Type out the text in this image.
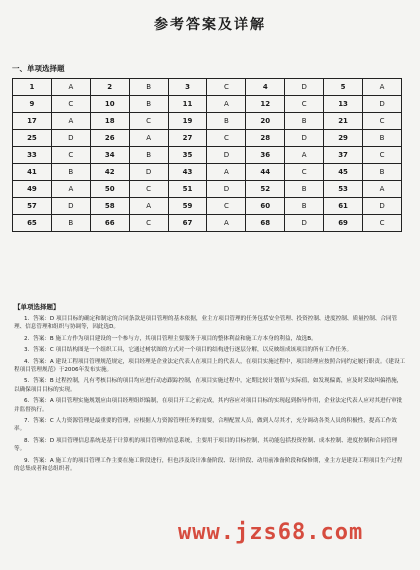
参考答案及详解
一、单项选择题
1	A	2	B	3	C	4	D	5	A
9	C	10	B	11	A	12	C	13	D
17	A	18	C	19	B	20	B	21	C
25	D	26	A	27	C	28	D	29	B
33	C	34	B	35	D	36	A	37	C
41	B	42	D	43	A	44	C	45	B
49	A	50	C	51	D	52	B	53	A
57	D	58	A	59	C	60	B	61	D
65	B	66	C	67	A	68	D	69	C
【单项选择题】

1．答案：D 项目目标的确定和制定的合同条款是项目管理的基本依据，业主方项目管理的任务包括安全管理、投资控制、进度控制、质量控制、合同管理、信息管理和组织与协调等，因此选D。

2．答案：B 施工方作为项目建设的一个参与方，其项目管理主要服务于项目的整体利益和施工方本身的利益，故选B。

3．答案：C 项目结构图是一个组织工具，它通过树状图的方式对一个项目的结构进行逐层分解，以反映组成该项目的所有工作任务。

4．答案：A 建设工程项目管理规范规定，项目经理是企业法定代表人在项目上的代表人，在项目实施过程中，项目经理应按照合同约定履行职责。《建设工程项目管理规范》于2006年发布实施。

5．答案：B 过程控制，凡有考核目标的项目均应进行动态跟踪控制，在项目实施过程中，定期比较计划值与实际值，如发现偏离，应及时采取纠偏措施，以确保项目目标的实现。

6．答案：A 项目管理实施规划应由项目经理组织编制，在项目开工之前完成，其内容应对项目目标的实现起到指导作用，企业法定代表人应对其进行审批并监督执行。

7．答案：C 人力资源管理是最重要的管理，应根据人力资源管理任务的需要，合理配置人员，做到人尽其才，充分调动各类人员的积极性，提高工作效率。

8．答案：D 项目管理信息系统是基于计算机的项目管理的信息系统，主要用于项目的目标控制，其功能包括投资控制、成本控制、进度控制和合同管理等。

9．答案：A 施工方的项目管理工作主要在施工阶段进行，但也涉及设计准备阶段、设计阶段、动用前准备阶段和保修期，业主方是建设工程项目生产过程的总集成者和总组织者。

www.jzs68.com
